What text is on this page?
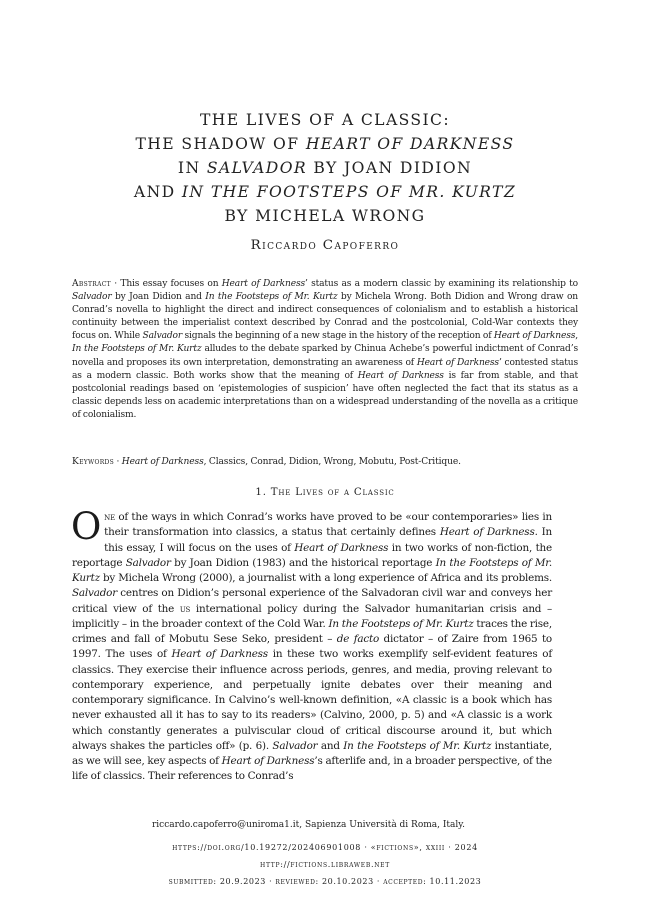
THE LIVES OF A CLASSIC:
THE SHADOW OF HEART OF DARKNESS
IN SALVADOR BY JOAN DIDION
AND IN THE FOOTSTEPS OF MR. KURTZ
BY MICHELA WRONG
Riccardo Capoferro

Abstract · This essay focuses on Heart of Darkness’ status as a modern classic by examining its relationship to Salvador by Joan Didion and In the Footsteps of Mr. Kurtz by Michela Wrong. Both Didion and Wrong draw on Conrad’s novella to highlight the direct and indirect consequences of colonialism and to establish a historical continuity between the imperialist context described by Conrad and the postcolonial, Cold-War contexts they focus on. While Salvador signals the beginning of a new stage in the history of the reception of Heart of Darkness, In the Footsteps of Mr. Kurtz alludes to the debate sparked by Chinua Achebe’s powerful indictment of Conrad’s novella and proposes its own interpretation, demonstrating an awareness of Heart of Darkness’ contested status as a modern classic. Both works show that the meaning of Heart of Darkness is far from stable, and that postcolonial readings based on ‘epistemologies of suspicion’ have often neglected the fact that its status as a classic depends less on academic interpretations than on a widespread understanding of the novella as a critique of colonialism.

Keywords · Heart of Darkness, Classics, Conrad, Didion, Wrong, Mobutu, Post-Critique.
1. The Lives of a Classic

One of the ways in which Conrad’s works have proved to be «our contemporaries» lies in their transformation into classics, a status that certainly defines Heart of Darkness. In this essay, I will focus on the uses of Heart of Darkness in two works of non-fiction, the reportage Salvador by Joan Didion (1983) and the historical reportage In the Footsteps of Mr. Kurtz by Michela Wrong (2000), a journalist with a long experience of Africa and its problems. Salvador centres on Didion’s personal experience of the Salvadoran civil war and conveys her critical view of the us international policy during the Salvador humanitarian crisis and – implicitly – in the broader context of the Cold War. In the Footsteps of Mr. Kurtz traces the rise, crimes and fall of Mobutu Sese Seko, president – de facto dictator – of Zaire from 1965 to 1997. The uses of Heart of Darkness in these two works exemplify self-evident features of classics. They exercise their influence across periods, genres, and media, proving relevant to contemporary experience, and perpetually ignite debates over their meaning and contemporary significance. In Calvino’s well-known definition, «A classic is a book which has never exhausted all it has to say to its readers» (Calvino, 2000, p. 5) and «A classic is a work which constantly generates a pulviscular cloud of critical discourse around it, but which always shakes the particles off» (p. 6). Salvador and In the Footsteps of Mr. Kurtz instantiate, as we will see, key aspects of Heart of Darkness’s afterlife and, in a broader perspective, of the life of classics. Their references to Conrad’s

riccardo.capoferro@uniroma1.it, Sapienza Università di Roma, Italy.
https://doi.org/10.19272/202406901008 · «fictions», xxiii · 2024
http://fictions.libraweb.net
submitted: 20.9.2023 · reviewed: 20.10.2023 · accepted: 10.11.2023
